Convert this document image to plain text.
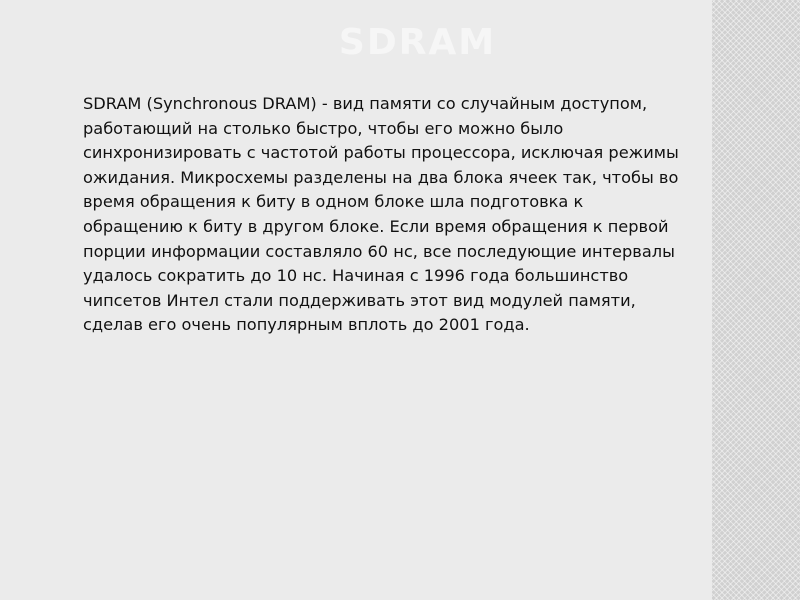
SDRAM

SDRAM (Synchronous DRAM) - вид памяти со случайным доступом, работающий на столько быстро, чтобы его можно было синхронизировать с частотой работы процессора, исключая режимы ожидания. Микросхемы разделены на два блока ячеек так, чтобы во время обращения к биту в одном блоке шла подготовка к обращению к биту в другом блоке. Если время обращения к первой порции информации составляло 60 нс, все последующие интервалы удалось сократить до 10 нс. Начиная с 1996 года большинство чипсетов Интел стали поддерживать этот вид модулей памяти, сделав его очень популярным вплоть до 2001 года.
